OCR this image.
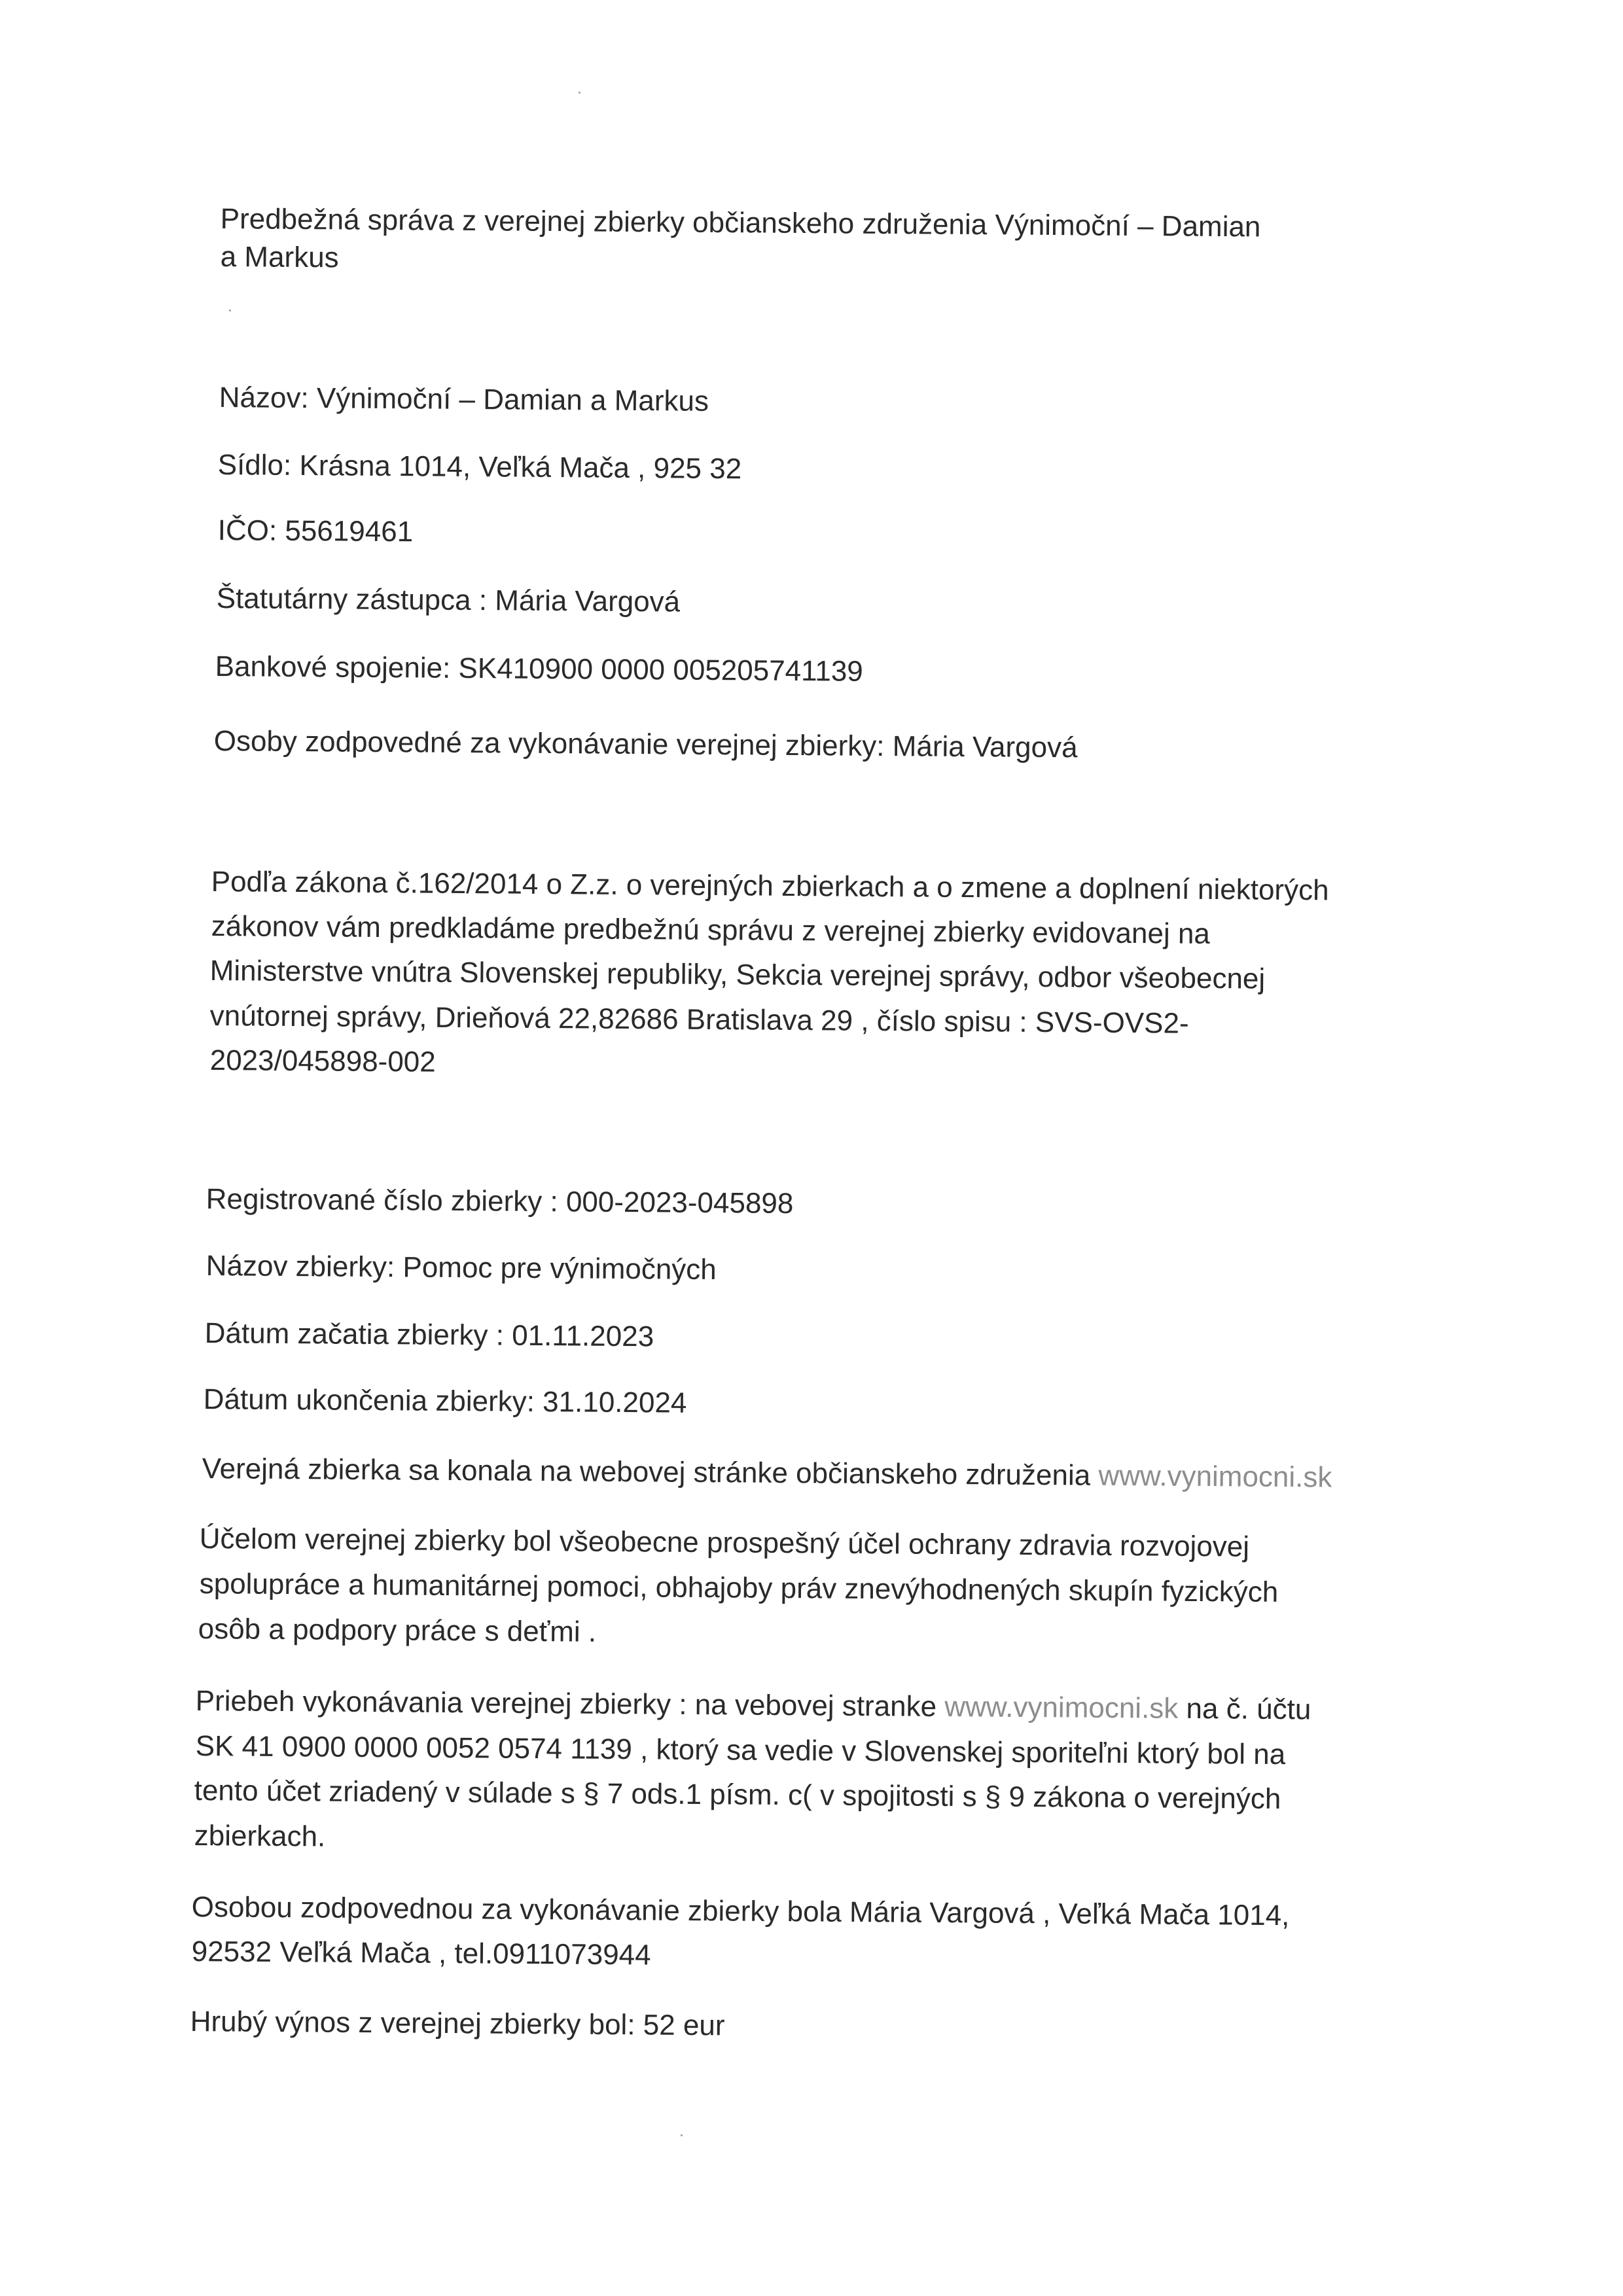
Predbežná správa z verejnej zbierky občianskeho združenia Výnimoční – Damian
a Markus
Názov: Výnimoční – Damian a Markus
Sídlo: Krásna 1014, Veľká Mača , 925 32
IČO: 55619461
Štatutárny zástupca : Mária Vargová
Bankové spojenie: SK410900 0000 005205741139
Osoby zodpovedné za vykonávanie verejnej zbierky: Mária Vargová
Podľa zákona č.162/2014 o Z.z. o verejných zbierkach a o zmene a doplnení niektorých
zákonov vám predkladáme predbežnú správu z verejnej zbierky evidovanej na
Ministerstve vnútra Slovenskej republiky, Sekcia verejnej správy, odbor všeobecnej
vnútornej správy, Drieňová 22,82686 Bratislava 29 , číslo spisu : SVS-OVS2-
2023/045898-002
Registrované číslo zbierky : 000-2023-045898
Názov zbierky: Pomoc pre výnimočných
Dátum začatia zbierky : 01.11.2023
Dátum ukončenia zbierky: 31.10.2024
Verejná zbierka sa konala na webovej stránke občianskeho združenia www.vynimocni.sk
Účelom verejnej zbierky bol všeobecne prospešný účel ochrany zdravia rozvojovej
spolupráce a humanitárnej pomoci, obhajoby práv znevýhodnených skupín fyzických
osôb a podpory práce s deťmi .
Priebeh vykonávania verejnej zbierky : na vebovej stranke www.vynimocni.sk na č. účtu
SK 41 0900 0000 0052 0574 1139 , ktorý sa vedie v Slovenskej sporiteľni ktorý bol na
tento účet zriadený v súlade s § 7 ods.1 písm. c( v spojitosti s § 9 zákona o verejných
zbierkach.
Osobou zodpovednou za vykonávanie zbierky bola Mária Vargová , Veľká Mača 1014,
92532 Veľká Mača , tel.0911073944
Hrubý výnos z verejnej zbierky bol: 52 eur
